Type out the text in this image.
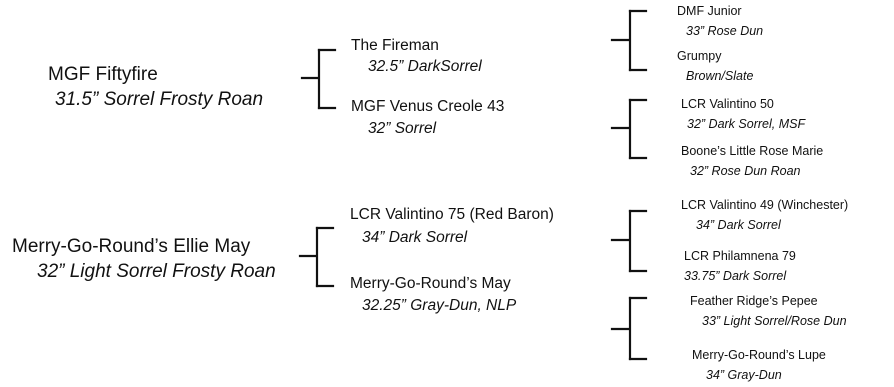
MGF Fiftyfire
31.5” Sorrel Frosty Roan
Merry-Go-Round’s Ellie May
32” Light Sorrel Frosty Roan
The Fireman
32.5” DarkSorrel
MGF Venus Creole 43
32” Sorrel
LCR Valintino 75 (Red Baron)
34” Dark Sorrel
Merry-Go-Round’s May
32.25” Gray-Dun, NLP
DMF Junior
33” Rose Dun
Grumpy
Brown/Slate
LCR Valintino 50
32” Dark Sorrel, MSF
Boone’s Little Rose Marie
32” Rose Dun Roan
LCR Valintino 49 (Winchester)
34” Dark Sorrel
LCR Philamnena 79
33.75” Dark Sorrel
Feather Ridge’s Pepee
33” Light Sorrel/Rose Dun
Merry-Go-Round’s Lupe
34” Gray-Dun
